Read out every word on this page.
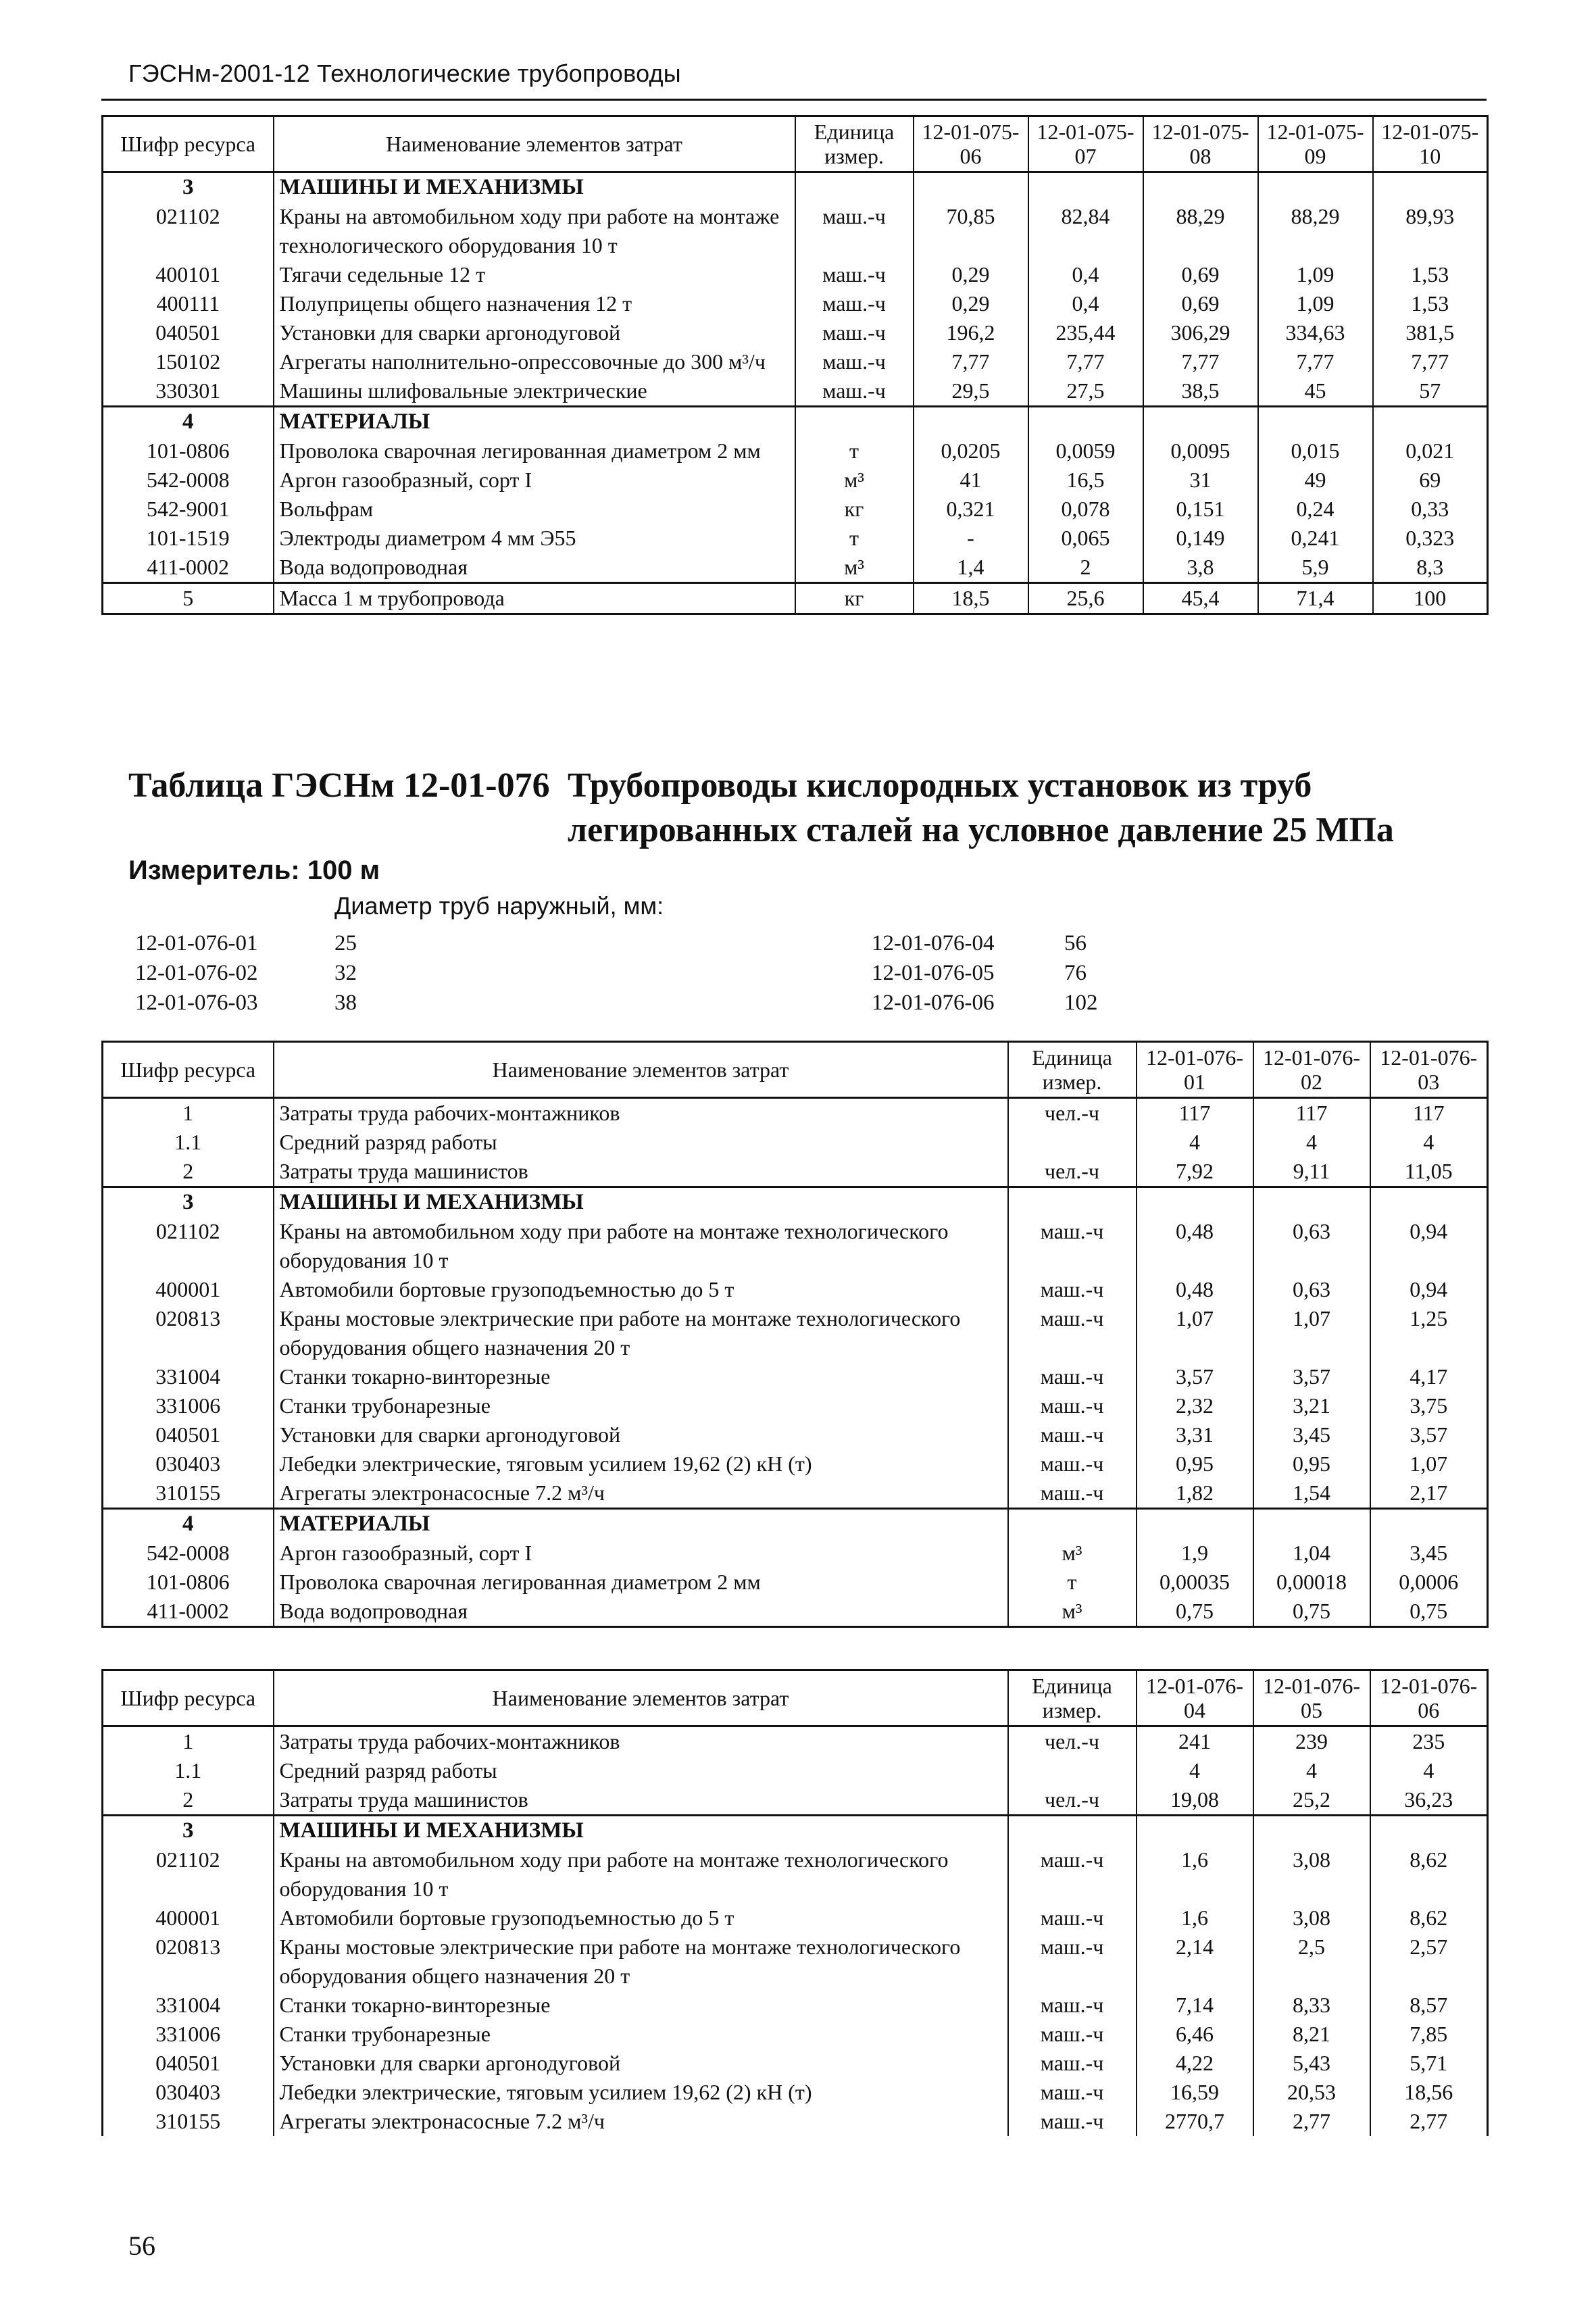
ГЭСНм-2001-12 Технологические трубопроводы
Шифр ресурса	Наименование элементов затрат	Единица измер.	12-01-075-06	12-01-075-07	12-01-075-08	12-01-075-09	12-01-075-10
3	МАШИНЫ И МЕХАНИЗМЫ						
021102	Краны на автомобильном ходу при работе на монтаже технологического оборудования 10 т	маш.-ч	70,85	82,84	88,29	88,29	89,93
400101	Тягачи седельные 12 т	маш.-ч	0,29	0,4	0,69	1,09	1,53
400111	Полуприцепы общего назначения 12 т	маш.-ч	0,29	0,4	0,69	1,09	1,53
040501	Установки для сварки аргонодуговой	маш.-ч	196,2	235,44	306,29	334,63	381,5
150102	Агрегаты наполнительно-опрессовочные до 300 м³/ч	маш.-ч	7,77	7,77	7,77	7,77	7,77
330301	Машины шлифовальные электрические	маш.-ч	29,5	27,5	38,5	45	57
4	МАТЕРИАЛЫ						
101-0806	Проволока сварочная легированная диаметром 2 мм	т	0,0205	0,0059	0,0095	0,015	0,021
542-0008	Аргон газообразный, сорт I	м³	41	16,5	31	49	69
542-9001	Вольфрам	кг	0,321	0,078	0,151	0,24	0,33
101-1519	Электроды диаметром 4 мм Э55	т	-	0,065	0,149	0,241	0,323
411-0002	Вода водопроводная	м³	1,4	2	3,8	5,9	8,3
5	Масса 1 м трубопровода	кг	18,5	25,6	45,4	71,4	100
Таблица ГЭСНм 12-01-076 Трубопроводы кислородных установок из труб легированных сталей на условное давление 25 МПа
Измеритель: 100 м
Диаметр труб наружный, мм:
12-01-076-01	25
12-01-076-02	32
12-01-076-03	38
12-01-076-04	56
12-01-076-05	76
12-01-076-06	102
Шифр ресурса	Наименование элементов затрат	Единица измер.	12-01-076-01	12-01-076-02	12-01-076-03
1	Затраты труда рабочих-монтажников	чел.-ч	117	117	117
1.1	Средний разряд работы		4	4	4
2	Затраты труда машинистов	чел.-ч	7,92	9,11	11,05
3	МАШИНЫ И МЕХАНИЗМЫ				
021102	Краны на автомобильном ходу при работе на монтаже технологического оборудования 10 т	маш.-ч	0,48	0,63	0,94
400001	Автомобили бортовые грузоподъемностью до 5 т	маш.-ч	0,48	0,63	0,94
020813	Краны мостовые электрические при работе на монтаже технологического оборудования общего назначения 20 т	маш.-ч	1,07	1,07	1,25
331004	Станки токарно-винторезные	маш.-ч	3,57	3,57	4,17
331006	Станки трубонарезные	маш.-ч	2,32	3,21	3,75
040501	Установки для сварки аргонодуговой	маш.-ч	3,31	3,45	3,57
030403	Лебедки электрические, тяговым усилием 19,62 (2) кН (т)	маш.-ч	0,95	0,95	1,07
310155	Агрегаты электронасосные 7.2 м³/ч	маш.-ч	1,82	1,54	2,17
4	МАТЕРИАЛЫ				
542-0008	Аргон газообразный, сорт I	м³	1,9	1,04	3,45
101-0806	Проволока сварочная легированная диаметром 2 мм	т	0,00035	0,00018	0,0006
411-0002	Вода водопроводная	м³	0,75	0,75	0,75
Шифр ресурса	Наименование элементов затрат	Единица измер.	12-01-076-04	12-01-076-05	12-01-076-06
1	Затраты труда рабочих-монтажников	чел.-ч	241	239	235
1.1	Средний разряд работы		4	4	4
2	Затраты труда машинистов	чел.-ч	19,08	25,2	36,23
3	МАШИНЫ И МЕХАНИЗМЫ				
021102	Краны на автомобильном ходу при работе на монтаже технологического оборудования 10 т	маш.-ч	1,6	3,08	8,62
400001	Автомобили бортовые грузоподъемностью до 5 т	маш.-ч	1,6	3,08	8,62
020813	Краны мостовые электрические при работе на монтаже технологического оборудования общего назначения 20 т	маш.-ч	2,14	2,5	2,57
331004	Станки токарно-винторезные	маш.-ч	7,14	8,33	8,57
331006	Станки трубонарезные	маш.-ч	6,46	8,21	7,85
040501	Установки для сварки аргонодуговой	маш.-ч	4,22	5,43	5,71
030403	Лебедки электрические, тяговым усилием 19,62 (2) кН (т)	маш.-ч	16,59	20,53	18,56
310155	Агрегаты электронасосные 7.2 м³/ч	маш.-ч	2770,7	2,77	2,77
56
